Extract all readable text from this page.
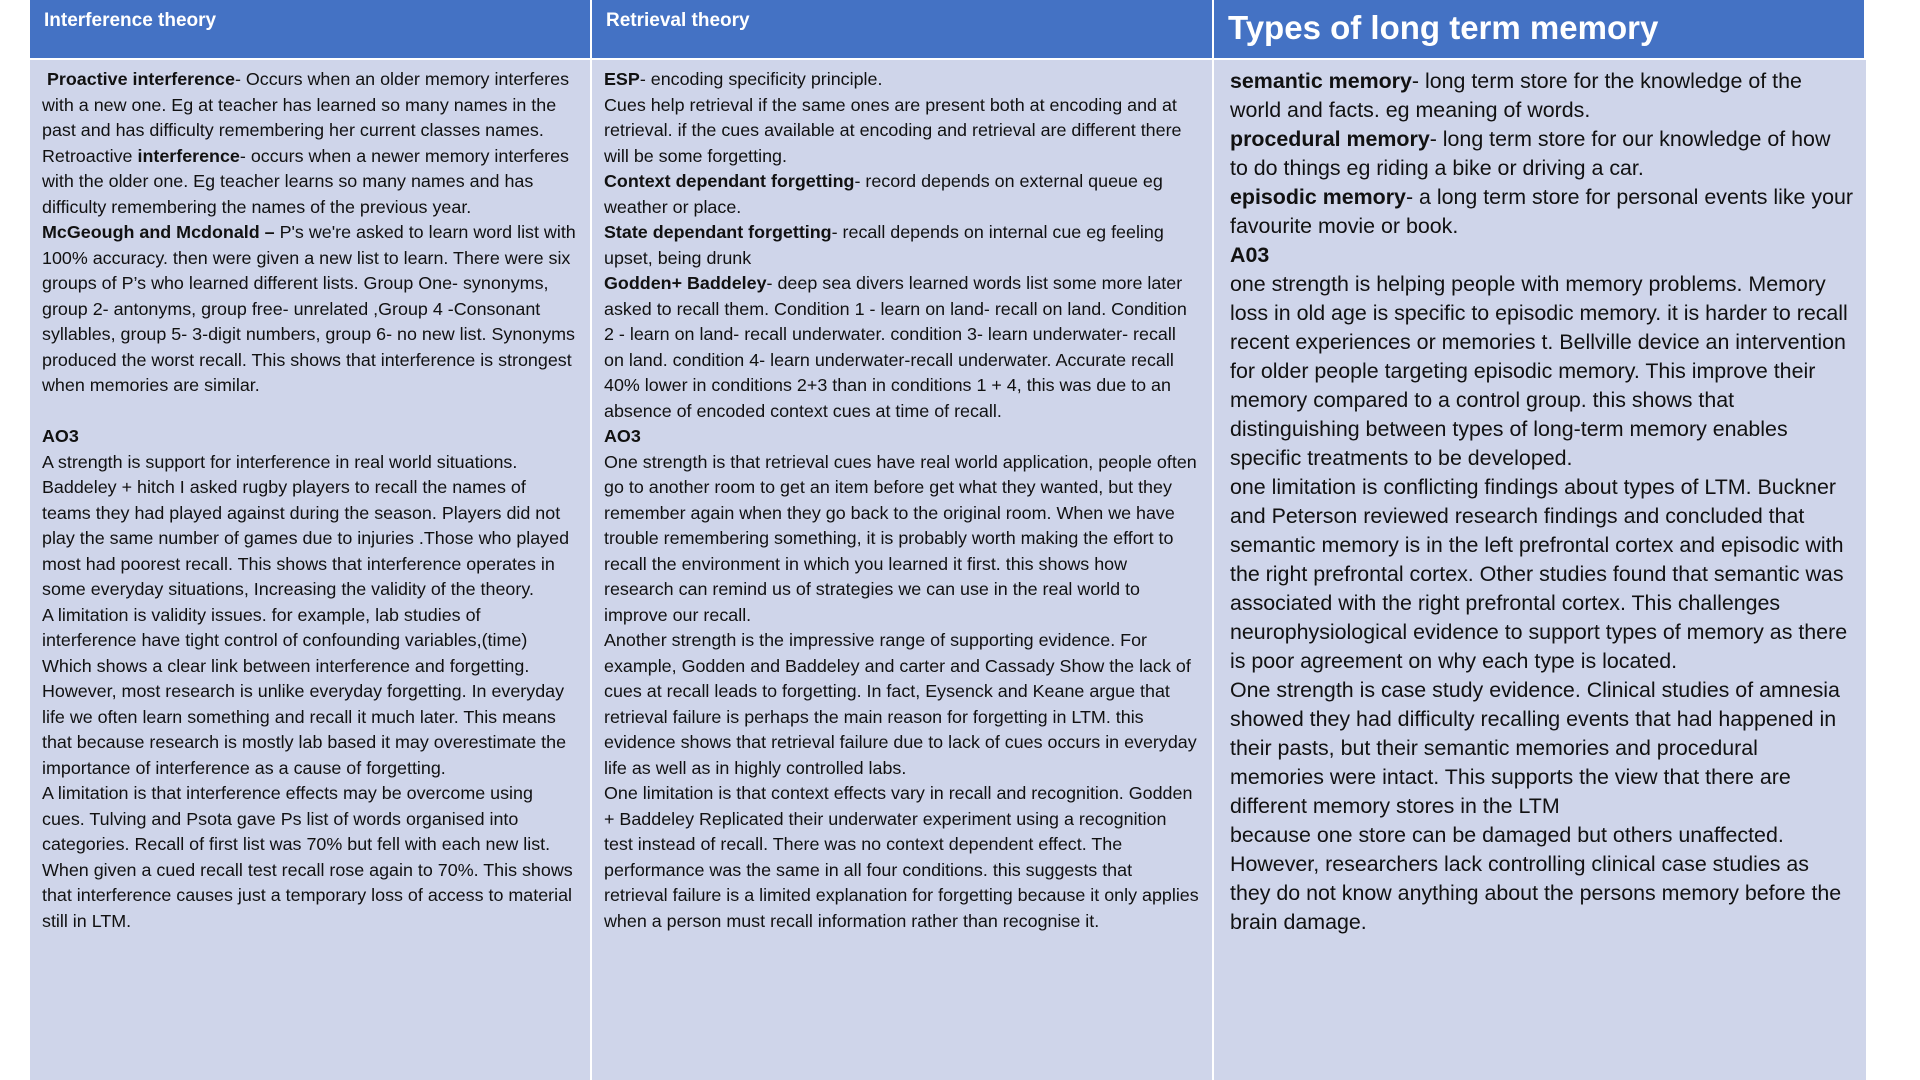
Interference theory	Retrieval theory	Types of long term memory

Proactive interference- Occurs when an older memory interferes with a new one. Eg at teacher has learned so many names in the past and has difficulty remembering her current classes names. Retroactive interference- occurs when a newer memory interferes with the older one. Eg teacher learns so many names and has difficulty remembering the names of the previous year.

McGeough and Mcdonald – P's we're asked to learn word list with 100% accuracy. then were given a new list to learn. There were six groups of P’s who learned different lists. Group One- synonyms, group 2- antonyms, group free- unrelated ,Group 4 -Consonant syllables, group 5- 3-digit numbers, group 6- no new list. Synonyms produced the worst recall. This shows that interference is strongest when memories are similar.

AO3

A strength is support for interference in real world situations. Baddeley + hitch I asked rugby players to recall the names of teams they had played against during the season. Players did not play the same number of games due to injuries .Those who played most had poorest recall. This shows that interference operates in some everyday situations, Increasing the validity of the theory.

A limitation is validity issues. for example, lab studies of interference have tight control of confounding variables,(time) Which shows a clear link between interference and forgetting. However, most research is unlike everyday forgetting. In everyday life we often learn something and recall it much later. This means that because research is mostly lab based it may overestimate the importance of interference as a cause of forgetting.

A limitation is that interference effects may be overcome using cues. Tulving and Psota gave Ps list of words organised into categories. Recall of first list was 70% but fell with each new list. When given a cued recall test recall rose again to 70%. This shows that interference causes just a temporary loss of access to material still in LTM.

ESP- encoding specificity principle.

Cues help retrieval if the same ones are present both at encoding and at retrieval. if the cues available at encoding and retrieval are different there will be some forgetting.

Context dependant forgetting- record depends on external queue eg weather or place.

State dependant forgetting- recall depends on internal cue eg feeling upset, being drunk

Godden+ Baddeley- deep sea divers learned words list some more later asked to recall them. Condition 1 - learn on land- recall on land. Condition 2 - learn on land- recall underwater. condition 3- learn underwater- recall on land. condition 4- learn underwater-recall underwater. Accurate recall 40% lower in conditions 2+3 than in conditions 1 + 4, this was due to an absence of encoded context cues at time of recall.

AO3

One strength is that retrieval cues have real world application, people often go to another room to get an item before get what they wanted, but they remember again when they go back to the original room. When we have trouble remembering something, it is probably worth making the effort to recall the environment in which you learned it first. this shows how research can remind us of strategies we can use in the real world to improve our recall.

Another strength is the impressive range of supporting evidence. For example, Godden and Baddeley and carter and Cassady Show the lack of cues at recall leads to forgetting. In fact, Eysenck and Keane argue that retrieval failure is perhaps the main reason for forgetting in LTM. this evidence shows that retrieval failure due to lack of cues occurs in everyday life as well as in highly controlled labs.

One limitation is that context effects vary in recall and recognition. Godden + Baddeley Replicated their underwater experiment using a recognition test instead of recall. There was no context dependent effect. The performance was the same in all four conditions. this suggests that retrieval failure is a limited explanation for forgetting because it only applies when a person must recall information rather than recognise it.

semantic memory- long term store for the knowledge of the world and facts. eg meaning of words.

procedural memory- long term store for our knowledge of how to do things eg riding a bike or driving a car.

episodic memory- a long term store for personal events like your favourite movie or book.

A03

one strength is helping people with memory problems. Memory loss in old age is specific to episodic memory. it is harder to recall recent experiences or memories t. Bellville device an intervention for older people targeting episodic memory. This improve their memory compared to a control group. this shows that distinguishing between types of long-term memory enables specific treatments to be developed.

one limitation is conflicting findings about types of LTM. Buckner and Peterson reviewed research findings and concluded that semantic memory is in the left prefrontal cortex and episodic with the right prefrontal cortex. Other studies found that semantic was associated with the right prefrontal cortex. This challenges neurophysiological evidence to support types of memory as there is poor agreement on why each type is located.

One strength is case study evidence. Clinical studies of amnesia showed they had difficulty recalling events that had happened in their pasts, but their semantic memories and procedural memories were intact. This supports the view that there are different memory stores in the LTM

because one store can be damaged but others unaffected. However, researchers lack controlling clinical case studies as they do not know anything about the persons memory before the brain damage.
